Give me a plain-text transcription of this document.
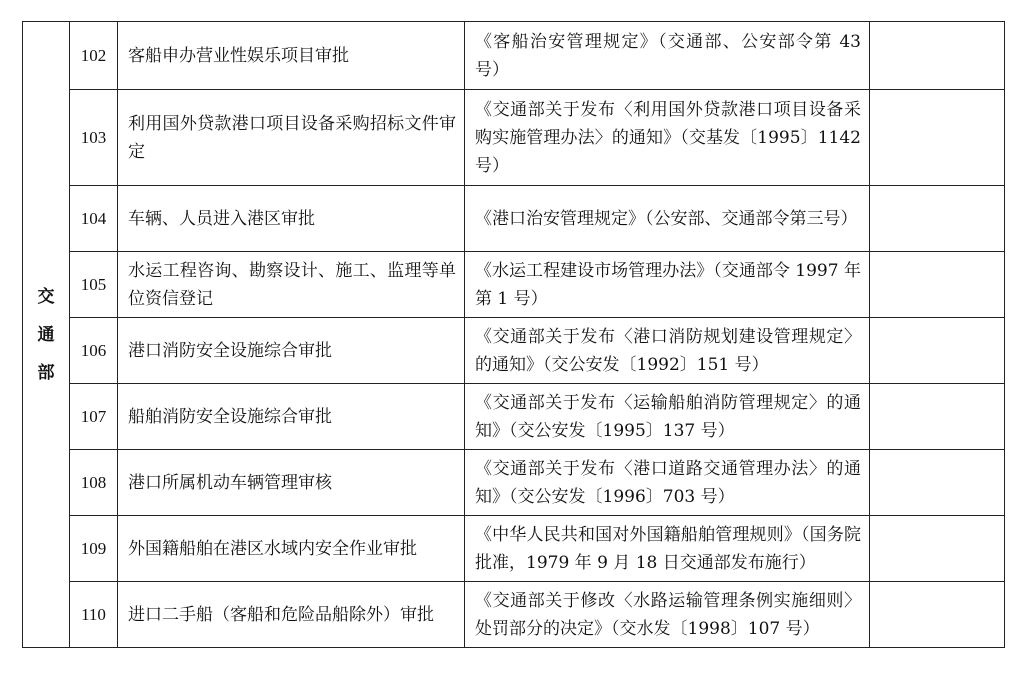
交
通
部	102	客船申办营业性娱乐项目审批	《客船治安管理规定》（交通部、公安部令第 43 号）	
	103	利用国外贷款港口项目设备采购招标文件审定	《交通部关于发布〈利用国外贷款港口项目设备采购实施管理办法〉的通知》（交基发〔1995〕1142 号）	
	104	车辆、人员进入港区审批	《港口治安管理规定》（公安部、交通部令第三号）	
	105	水运工程咨询、勘察设计、施工、监理等单位资信登记	《水运工程建设市场管理办法》（交通部令 1997 年第 1 号）	
	106	港口消防安全设施综合审批	《交通部关于发布〈港口消防规划建设管理规定〉的通知》（交公安发〔1992〕151 号）	
	107	船舶消防安全设施综合审批	《交通部关于发布〈运输船舶消防管理规定〉的通知》（交公安发〔1995〕137 号）	
	108	港口所属机动车辆管理审核	《交通部关于发布〈港口道路交通管理办法〉的通知》（交公安发〔1996〕703 号）	
	109	外国籍船舶在港区水域内安全作业审批	《中华人民共和国对外国籍船舶管理规则》（国务院批准，1979 年 9 月 18 日交通部发布施行）	
	110	进口二手船（客船和危险品船除外）审批	《交通部关于修改〈水路运输管理条例实施细则〉处罚部分的决定》（交水发〔1998〕107 号）	
